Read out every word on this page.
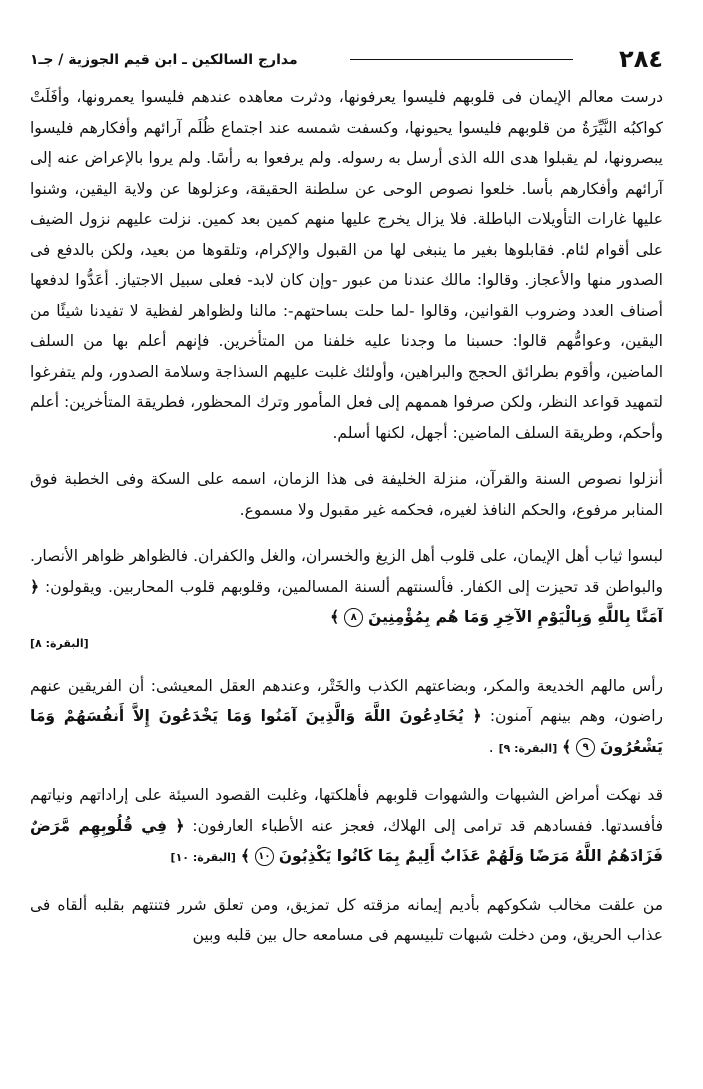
٢٨٤
مدارج السالكين ـ ابن قيم الجوزية / جـ١

درست معالم الإيمان فى قلوبهم فليسوا يعرفونها، ودثرت معاهده عندهم فليسوا يعمرونها، وأفَلَتْ كواكبُه النَّيِّرَةُ من قلوبهم فليسوا يحيونها، وكسفت شمسه عند اجتماع ظُلَم آرائهم وأفكارهم فليسوا يبصرونها، لم يقبلوا هدى الله الذى أرسل به رسوله. ولم يرفعوا به رأسًا. ولم يروا بالإعراض عنه إلى آرائهم وأفكارهم بأسا. خلعوا نصوص الوحى عن سلطنة الحقيقة، وعزلوها عن ولاية اليقين، وشنوا عليها غارات التأويلات الباطلة. فلا يزال يخرج عليها منهم كمين بعد كمين. نزلت عليهم نزول الضيف على أقوام لئام. فقابلوها بغير ما ينبغى لها من القبول والإكرام، وتلقوها من بعيد، ولكن بالدفع فى الصدور منها والأعجاز. وقالوا: مالك عندنا من عبور -وإن كان لابد- فعلى سبيل الاجتياز. أعَدُّوا لدفعها أصناف العدد وضروب القوانين، وقالوا -لما حلت بساحتهم-: مالنا ولظواهر لفظية لا تفيدنا شيئًا من اليقين، وعوامُّهم قالوا: حسبنا ما وجدنا عليه خلفنا من المتأخرين. فإنهم أعلم بها من السلف الماضين، وأقوم بطرائق الحجج والبراهين، وأولئك غلبت عليهم السذاجة وسلامة الصدور، ولم يتفرغوا لتمهيد قواعد النظر، ولكن صرفوا هممهم إلى فعل المأمور وترك المحظور، فطريقة المتأخرين: أعلم وأحكم، وطريقة السلف الماضين: أجهل، لكنها أسلم.

أنزلوا نصوص السنة والقرآن، منزلة الخليفة فى هذا الزمان، اسمه على السكة وفى الخطبة فوق المنابر مرفوع، والحكم النافذ لغيره، فحكمه غير مقبول ولا مسموع.

لبسوا ثياب أهل الإيمان، على قلوب أهل الزيغ والخسران، والغل والكفران. فالظواهر ظواهر الأنصار. والبواطن قد تحيزت إلى الكفار. فألسنتهم ألسنة المسالمين، وقلوبهم قلوب المحاربين. ويقولون: ﴿ آمَنَّا بِاللَّهِ وَبِالْيَوْمِ الآخِرِ وَمَا هُم بِمُؤْمِنِينَ ٨ ﴾

[البقرة: ٨]

رأس مالهم الخديعة والمكر، وبضاعتهم الكذب والخَتْر، وعندهم العقل المعيشى: أن الفريقين عنهم راضون، وهم بينهم آمنون: ﴿ يُخَادِعُونَ اللَّهَ وَالَّذِينَ آمَنُوا وَمَا يَخْدَعُونَ إِلاَّ أَنفُسَهُمْ وَمَا يَشْعُرُونَ ٩ ﴾ [البقرة: ٩] .

قد نهكت أمراض الشبهات والشهوات قلوبهم فأهلكتها، وغلبت القصود السيئة على إراداتهم ونياتهم فأفسدتها. ففسادهم قد ترامى إلى الهلاك، فعجز عنه الأطباء العارفون: ﴿ فِي قُلُوبِهِم مَّرَضٌ فَزَادَهُمُ اللَّهُ مَرَضًا وَلَهُمْ عَذَابٌ أَلِيمٌ بِمَا كَانُوا يَكْذِبُونَ ١٠ ﴾ [البقرة: ١٠]

من علقت مخالب شكوكهم بأديم إيمانه مزقته كل تمزيق، ومن تعلق شرر فتنتهم بقلبه ألقاه فى عذاب الحريق، ومن دخلت شبهات تلبيسهم فى مسامعه حال بين قلبه وبين
